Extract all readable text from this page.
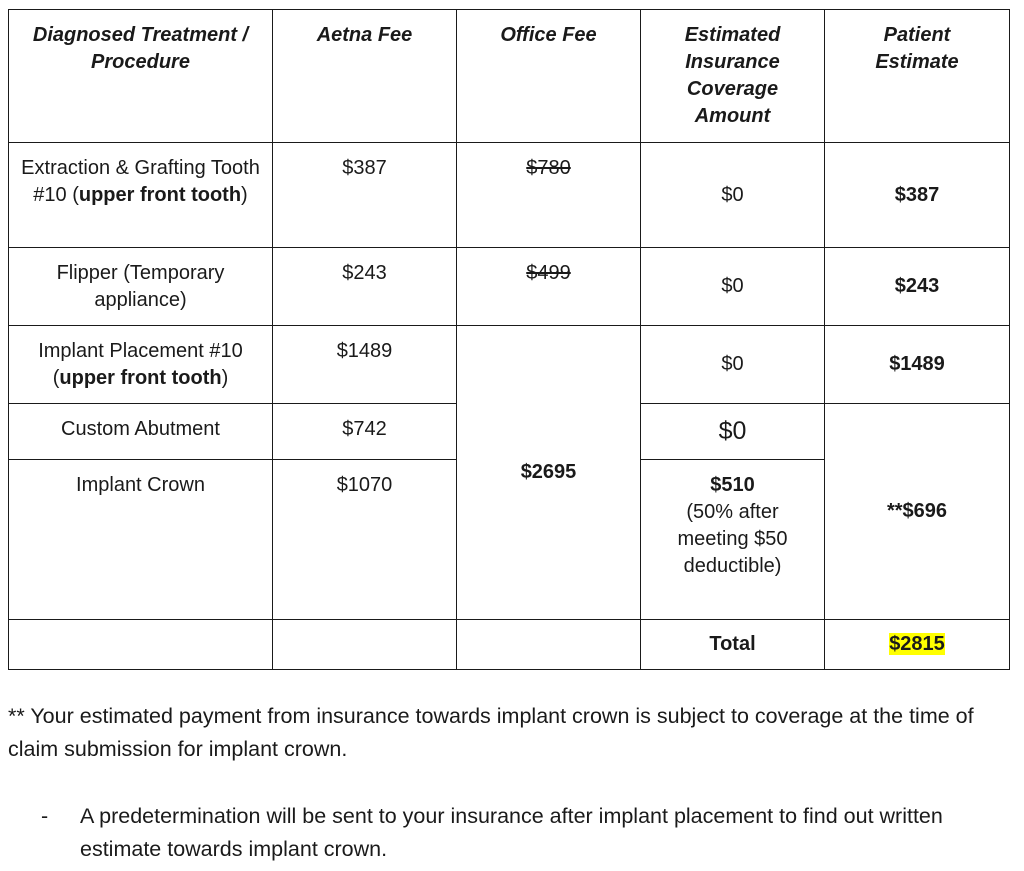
Diagnosed Treatment / Procedure	Aetna Fee	Office Fee	Estimated Insurance Coverage Amount	Patient Estimate
Extraction & Grafting Tooth #10 (upper front tooth)	$387	$780	$0	$387
Flipper (Temporary appliance)	$243	$499	$0	$243
Implant Placement #10 (upper front tooth)	$1489	$2695	$0	$1489
Custom Abutment	$742		$0	**$696
Implant Crown	$1070		$510
(50% after meeting $50 deductible)	

			Total	$2815

** Your estimated payment from insurance towards implant crown is subject to coverage at the time of claim submission for implant crown.

- A predetermination will be sent to your insurance after implant placement to find out written estimate towards implant crown.
